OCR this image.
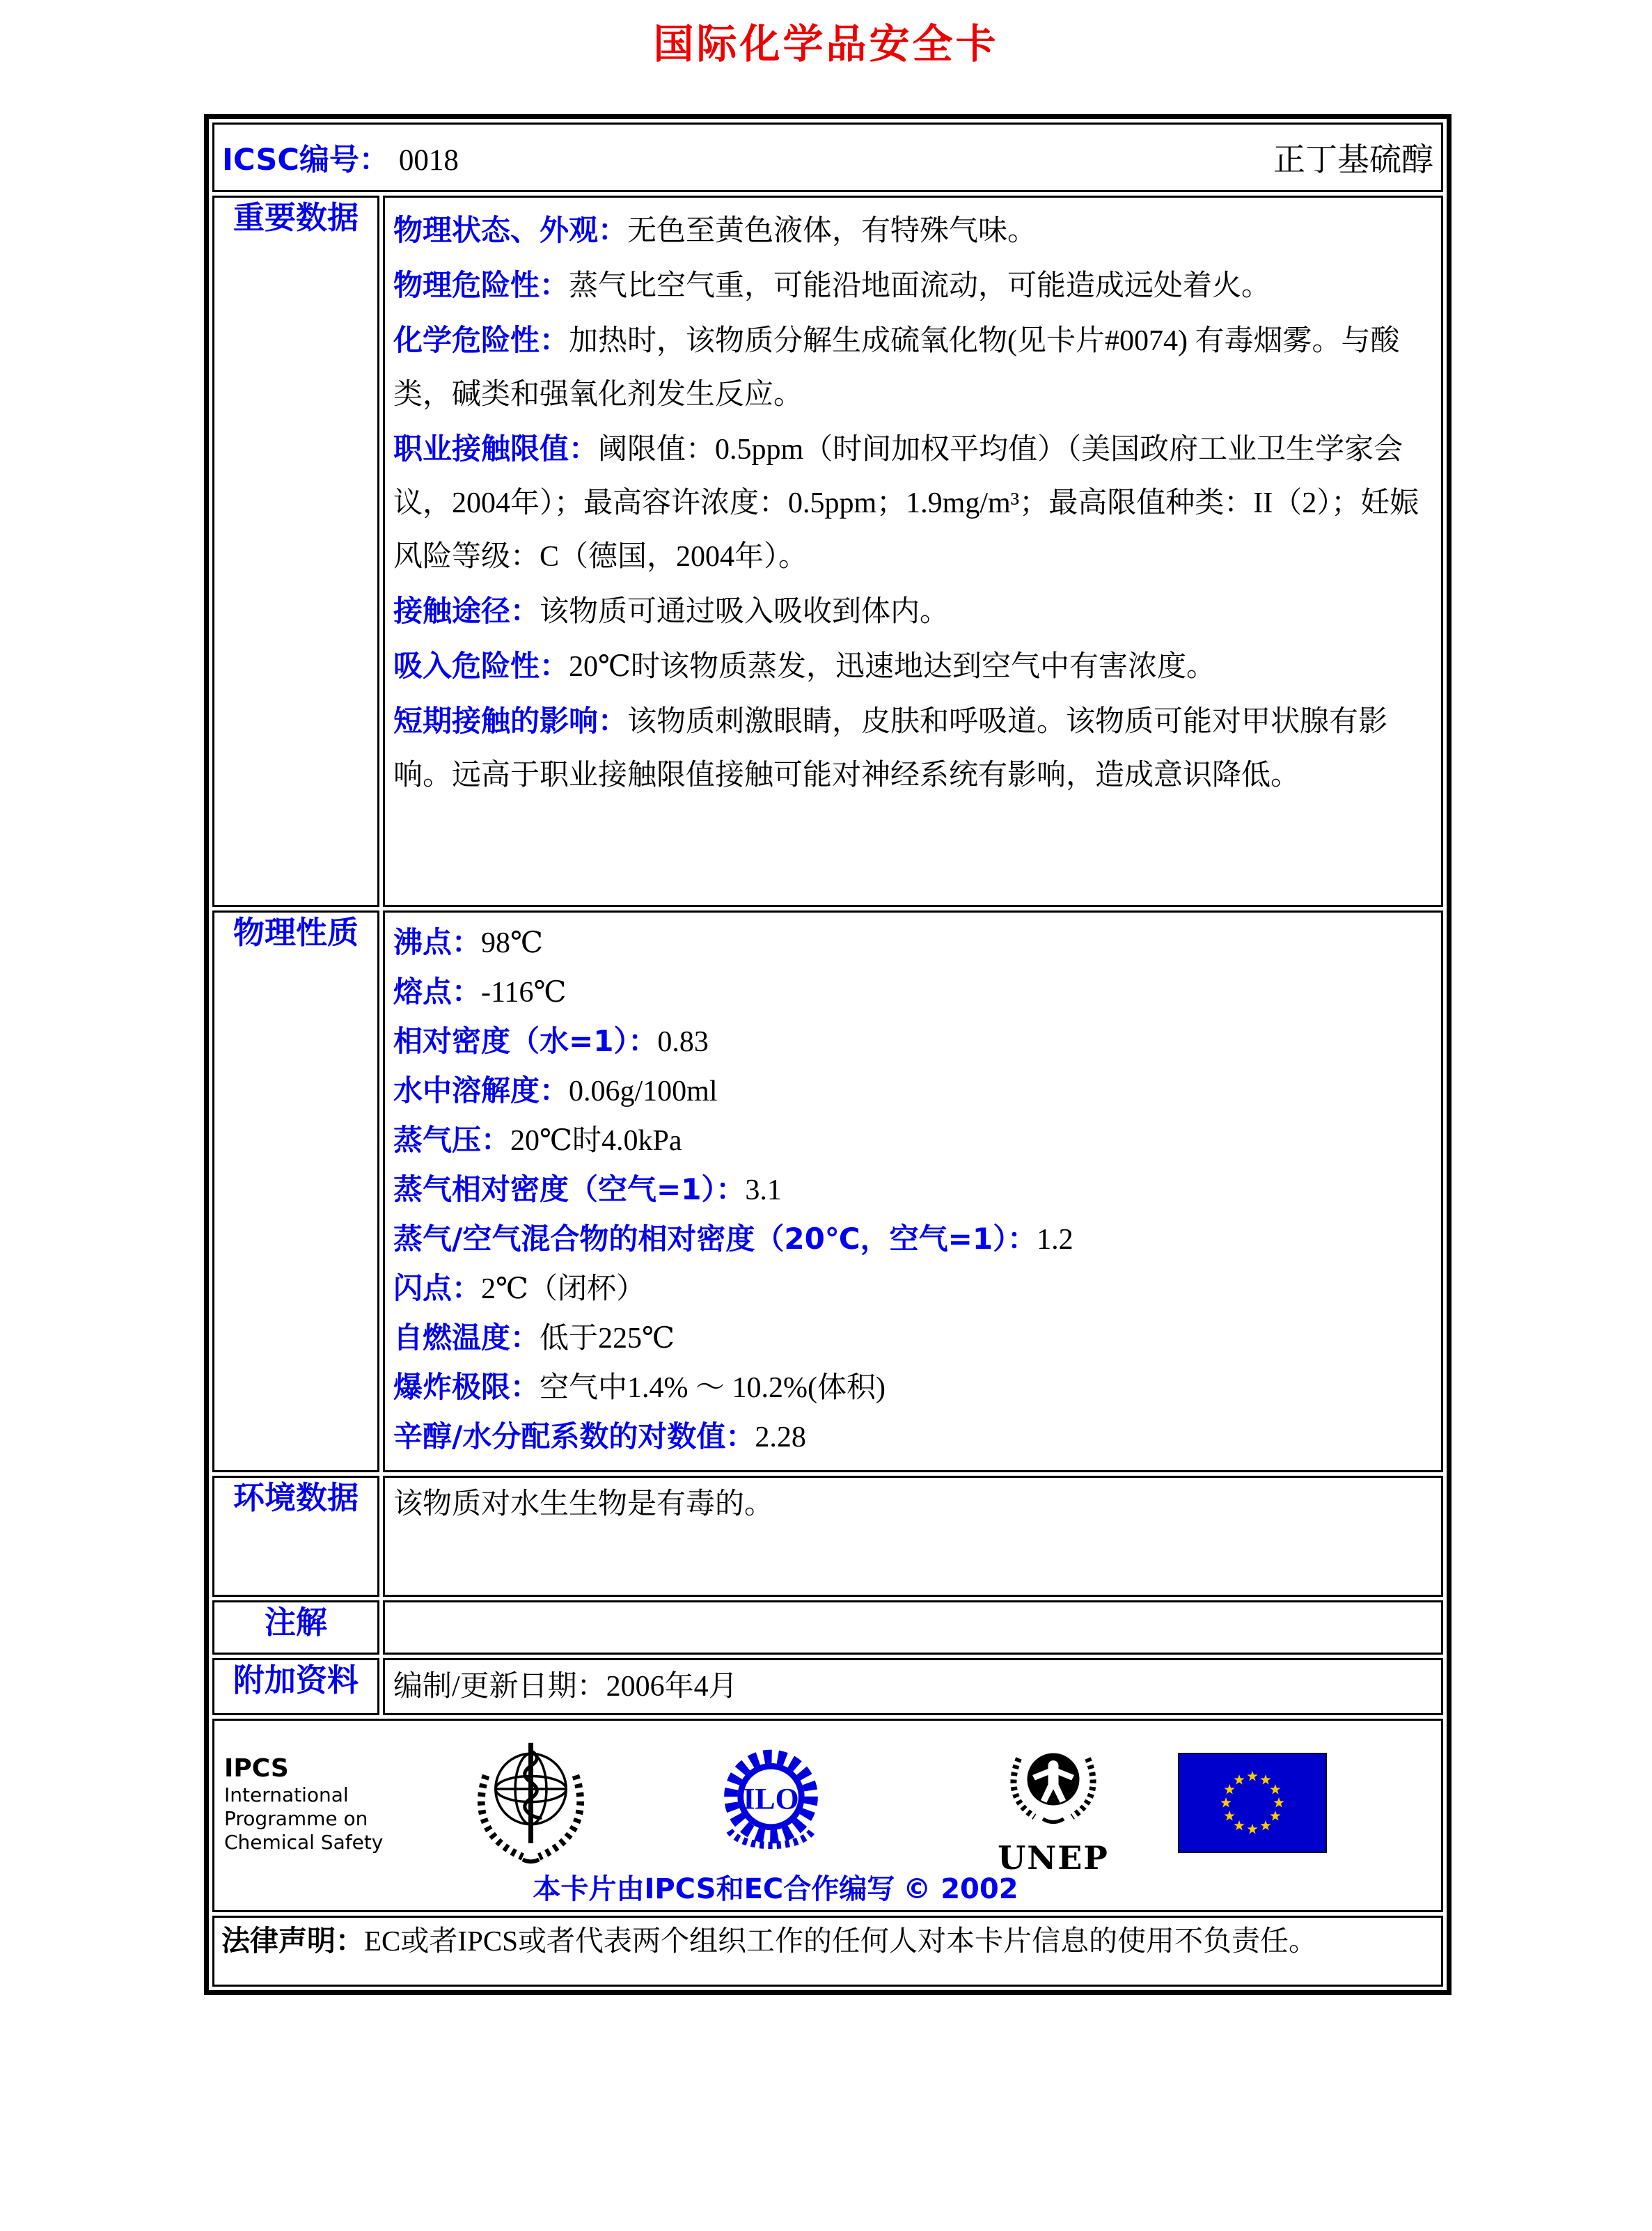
国际化学品安全卡
ICSC编号： 0018 正丁基硫醇	

重要数据	物理状态、外观：无色至黄色液体，有特殊气味。
物理危险性：蒸气比空气重，可能沿地面流动，可能造成远处着火。
化学危险性：加热时，该物质分解生成硫氧化物(见卡片#0074) 有毒烟雾。与酸类，碱类和强氧化剂发生反应。
职业接触限值：阈限值：0.5ppm（时间加权平均值）（美国政府工业卫生学家会议，2004年）；最高容许浓度：0.5ppm；1.9mg/m³；最高限值种类：II（2）；妊娠风险等级：C（德国，2004年）。
接触途径：该物质可通过吸入吸收到体内。
吸入危险性：20℃时该物质蒸发，迅速地达到空气中有害浓度。
短期接触的影响：该物质刺激眼睛，皮肤和呼吸道。该物质可能对甲状腺有影响。远高于职业接触限值接触可能对神经系统有影响，造成意识降低。

物理性质	沸点：98℃
熔点：-116℃
相对密度（水=1）：0.83
水中溶解度：0.06g/100ml
蒸气压：20℃时4.0kPa
蒸气相对密度（空气=1）：3.1
蒸气/空气混合物的相对密度（20℃，空气=1）：1.2
闪点：2℃（闭杯）
自燃温度：低于225℃
爆炸极限：空气中1.4% ～ 10.2%(体积)
辛醇/水分配系数的对数值：2.28

环境数据	该物质对水生生物是有毒的。

注解	

附加资料	编制/更新日期：2006年4月

IPCS
International
Programme on
Chemical Safety
ILO
UNEP
本卡片由IPCS和EC合作编写 © 2002

法律声明：EC或者IPCS或者代表两个组织工作的任何人对本卡片信息的使用不负责任。	
